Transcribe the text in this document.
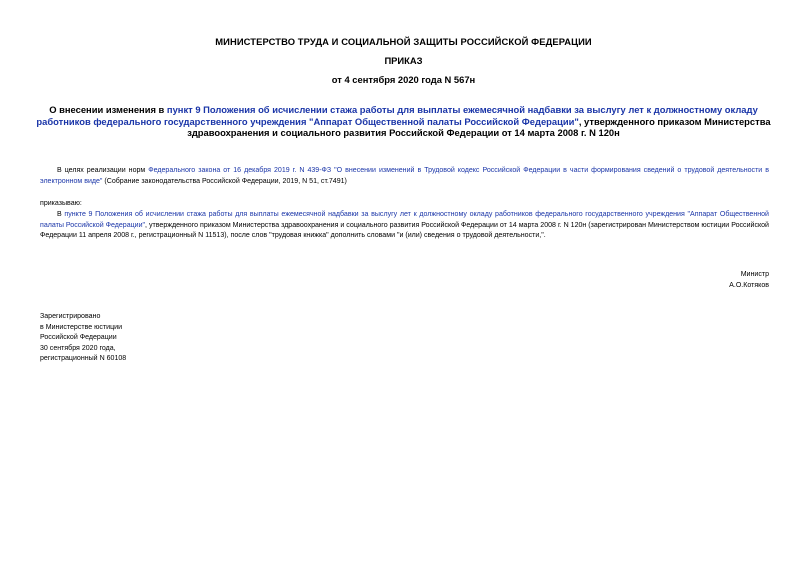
МИНИСТЕРСТВО ТРУДА И СОЦИАЛЬНОЙ ЗАЩИТЫ РОССИЙСКОЙ ФЕДЕРАЦИИ
ПРИКАЗ
от 4 сентября 2020 года N 567н
О внесении изменения в пункт 9 Положения об исчислении стажа работы для выплаты ежемесячной надбавки за выслугу лет к должностному окладу работников федерального государственного учреждения "Аппарат Общественной палаты Российской Федерации", утвержденного приказом Министерства здравоохранения и социального развития Российской Федерации от 14 марта 2008 г. N 120н
В целях реализации норм Федерального закона от 16 декабря 2019 г. N 439-ФЗ "О внесении изменений в Трудовой кодекс Российской Федерации в части формирования сведений о трудовой деятельности в электронном виде" (Собрание законодательства Российской Федерации, 2019, N 51, ст.7491)
приказываю:
В пункте 9 Положения об исчислении стажа работы для выплаты ежемесячной надбавки за выслугу лет к должностному окладу работников федерального государственного учреждения "Аппарат Общественной палаты Российской Федерации", утвержденного приказом Министерства здравоохранения и социального развития Российской Федерации от 14 марта 2008 г. N 120н (зарегистрирован Министерством юстиции Российской Федерации 11 апреля 2008 г., регистрационный N 11513), после слов "трудовая книжка" дополнить словами "и (или) сведения о трудовой деятельности,".
Министр
А.О.Котяков
Зарегистрировано
в Министерстве юстиции
Российской Федерации
30 сентября 2020 года,
регистрационный N 60108
